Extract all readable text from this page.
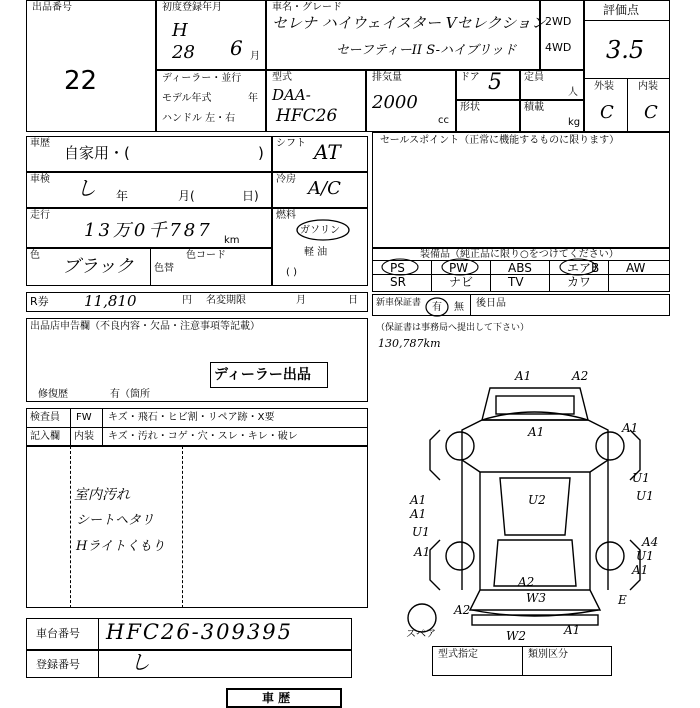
出品番号
22
初度登録年月
H
28 6 月
車名・グレード
セレナ ハイウェイスター Vセレクション
セーフティーII S-ハイブリッド
2WD
4WD
評価点
3.5
外装 内装
C C
ディーラー・並行
モデル年式	年
ハンドル 左・右
型式
DAA-
HFC26
排気量
2000
cc
ドア 5 定員
人
形状	積載
kg
車歴
自家用・(	)
車検 し 年	月(	日)
走行
13万0千787 km
色
ブラック 色替
色コード
シフト AT
冷房 A/C
燃料
ガソリン
軽 油
( )
セールスポイント（正常に機能するものに限ります）
装備品（純正品に限り○をつけてください）
PS	PW	ABS	エアB AW
SR	ナビ	TV	カワ
R券 11,810	円 名変期限	月	日 新車保証書 有 無 後日品
出品店申告欄（不良内容・欠品・注意事項等記載）
ディーラー出品
修復歴	有（箇所
（保証書は事務局へ提出して下さい）
130,787km
検査員
記入欄
FW キズ・飛石・ヒビ割・リペア跡・X要
内装 キズ・汚れ・コゲ・穴・スレ・キレ・破レ
室内汚れ
シートヘタリ
Hライトくもり
車台番号 HFC26-309395
登録番号	し	型式指定	類別区分
車 歴
A1	A2
A1	A1
U1
U1
A1	U2
A1
U1
A4
A1	U1
A1
A2
W3
A2
E
W2	A1
スペア
